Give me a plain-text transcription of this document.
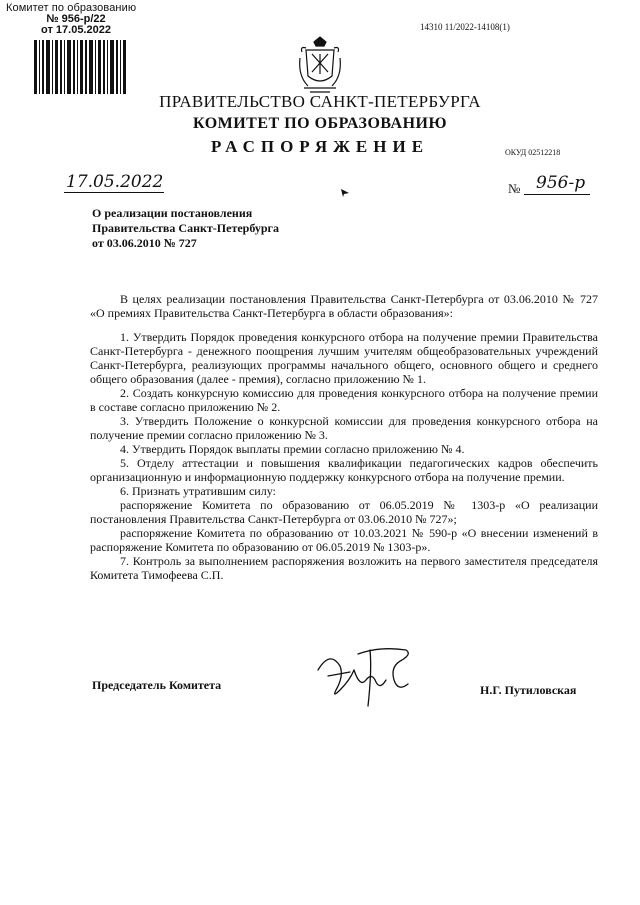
Комитет по образованию
№ 956-р/22
от 17.05.2022	14310 11/2022-14108(1)
ПРАВИТЕЛЬСТВО САНКТ-ПЕТЕРБУРГА
КОМИТЕТ ПО ОБРАЗОВАНИЮ
РАСПОРЯЖЕНИЕ	ОКУД 02512218
17.05.2022	№ 956-р
О реализации постановления
Правительства Санкт-Петербурга
от 03.06.2010 № 727

В целях реализации постановления Правительства Санкт-Петербурга от 03.06.2010 № 727 «О премиях Правительства Санкт-Петербурга в области образования»:

1. Утвердить Порядок проведения конкурсного отбора на получение премии Правительства Санкт-Петербурга - денежного поощрения лучшим учителям общеобразовательных учреждений Санкт-Петербурга, реализующих программы начального общего, основного общего и среднего общего образования (далее - премия), согласно приложению № 1.

2. Создать конкурсную комиссию для проведения конкурсного отбора на получение премии в составе согласно приложению № 2.

3. Утвердить Положение о конкурсной комиссии для проведения конкурсного отбора на получение премии согласно приложению № 3.

4. Утвердить Порядок выплаты премии согласно приложению № 4.

5. Отделу аттестации и повышения квалификации педагогических кадров обеспечить организационную и информационную поддержку конкурсного отбора на получение премии.

6. Признать утратившим силу:

распоряжение Комитета по образованию от 06.05.2019 № 1303-р «О реализации постановления Правительства Санкт-Петербурга от 03.06.2010 № 727»;

распоряжение Комитета по образованию от 10.03.2021 № 590-р «О внесении изменений в распоряжение Комитета по образованию от 06.05.2019 № 1303-р».

7. Контроль за выполнением распоряжения возложить на первого заместителя председателя Комитета Тимофеева С.П.

Председатель Комитета	Н.Г. Путиловская
